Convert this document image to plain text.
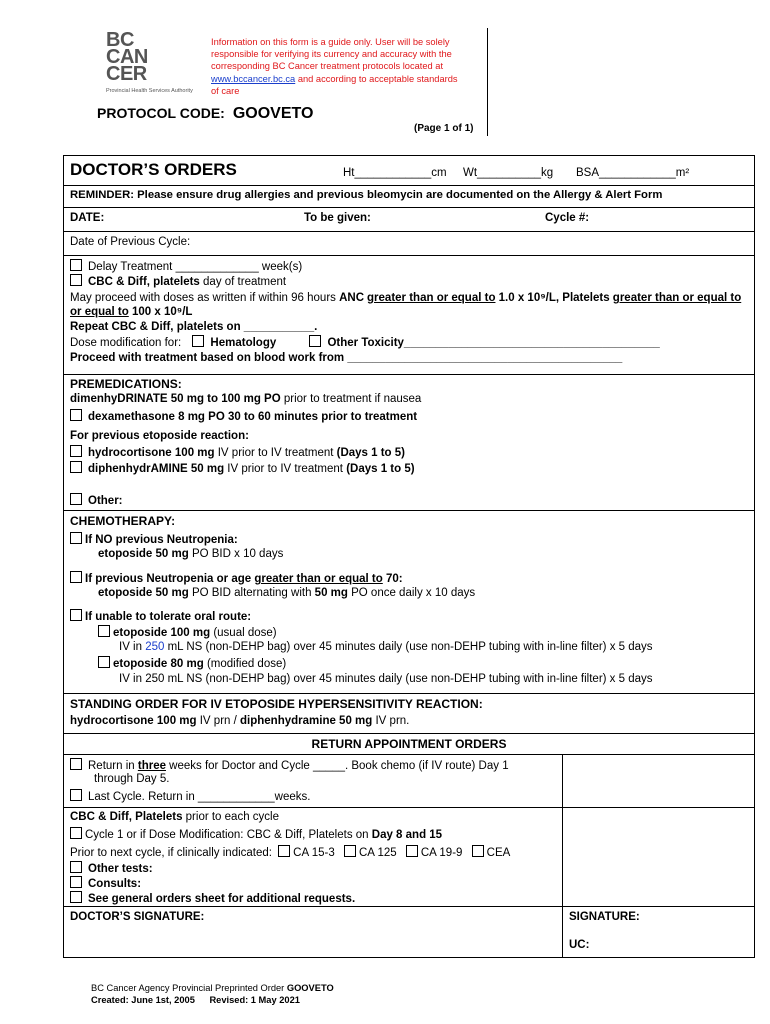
BC
CAN
CER
Provincial Health Services Authority
Information on this form is a guide only. User will be solely responsible for verifying its currency and accuracy with the corresponding BC Cancer treatment protocols located at www.bccancer.bc.ca and according to acceptable standards of care
PROTOCOL CODE: GOOVETO
(Page 1 of 1)
DOCTOR’S ORDERS	Ht____________cm Wt__________kg BSA____________m²
REMINDER: Please ensure drug allergies and previous bleomycin are documented on the Allergy & Alert Form
DATE:	To be given:	Cycle #:
Date of Previous Cycle:
Delay Treatment _____________ week(s)
CBC & Diff, platelets day of treatment
May proceed with doses as written if within 96 hours ANC greater than or equal to 1.0 x 10⁹/L, Platelets greater than or equal to
or equal to 100 x 10⁹/L
Repeat CBC & Diff, platelets on ___________.
Dose modification for:	Hematology	Other Toxicity________________________________________
Proceed with treatment based on blood work from ___________________________________________
PREMEDICATIONS:
dimenhyDRINATE 50 mg to 100 mg PO prior to treatment if nausea
dexamethasone 8 mg PO 30 to 60 minutes prior to treatment
For previous etoposide reaction:
hydrocortisone 100 mg IV prior to IV treatment (Days 1 to 5)
diphenhydrAMINE 50 mg IV prior to IV treatment (Days 1 to 5)
Other:
CHEMOTHERAPY:
If NO previous Neutropenia:
etoposide 50 mg PO BID x 10 days
If previous Neutropenia or age greater than or equal to 70:
etoposide 50 mg PO BID alternating with 50 mg PO once daily x 10 days
If unable to tolerate oral route:
etoposide 100 mg (usual dose)
IV in 250 mL NS (non-DEHP bag) over 45 minutes daily (use non-DEHP tubing with in-line filter) x 5 days
etoposide 80 mg (modified dose)
IV in 250 mL NS (non-DEHP bag) over 45 minutes daily (use non-DEHP tubing with in-line filter) x 5 days
STANDING ORDER FOR IV ETOPOSIDE HYPERSENSITIVITY REACTION:
hydrocortisone 100 mg IV prn / diphenhydramine 50 mg IV prn.
RETURN APPOINTMENT ORDERS
Return in three weeks for Doctor and Cycle _____. Book chemo (if IV route) Day 1
through Day 5.
Last Cycle. Return in ____________weeks.
CBC & Diff, Platelets prior to each cycle
Cycle 1 or if Dose Modification: CBC & Diff, Platelets on Day 8 and 15
Prior to next cycle, if clinically indicated: CA 15-3 CA 125 CA 19-9 CEA
Other tests:
Consults:
See general orders sheet for additional requests.
DOCTOR’S SIGNATURE:	SIGNATURE:
UC:
BC Cancer Agency Provincial Preprinted Order GOOVETO
Created: June 1st, 2005 Revised: 1 May 2021
